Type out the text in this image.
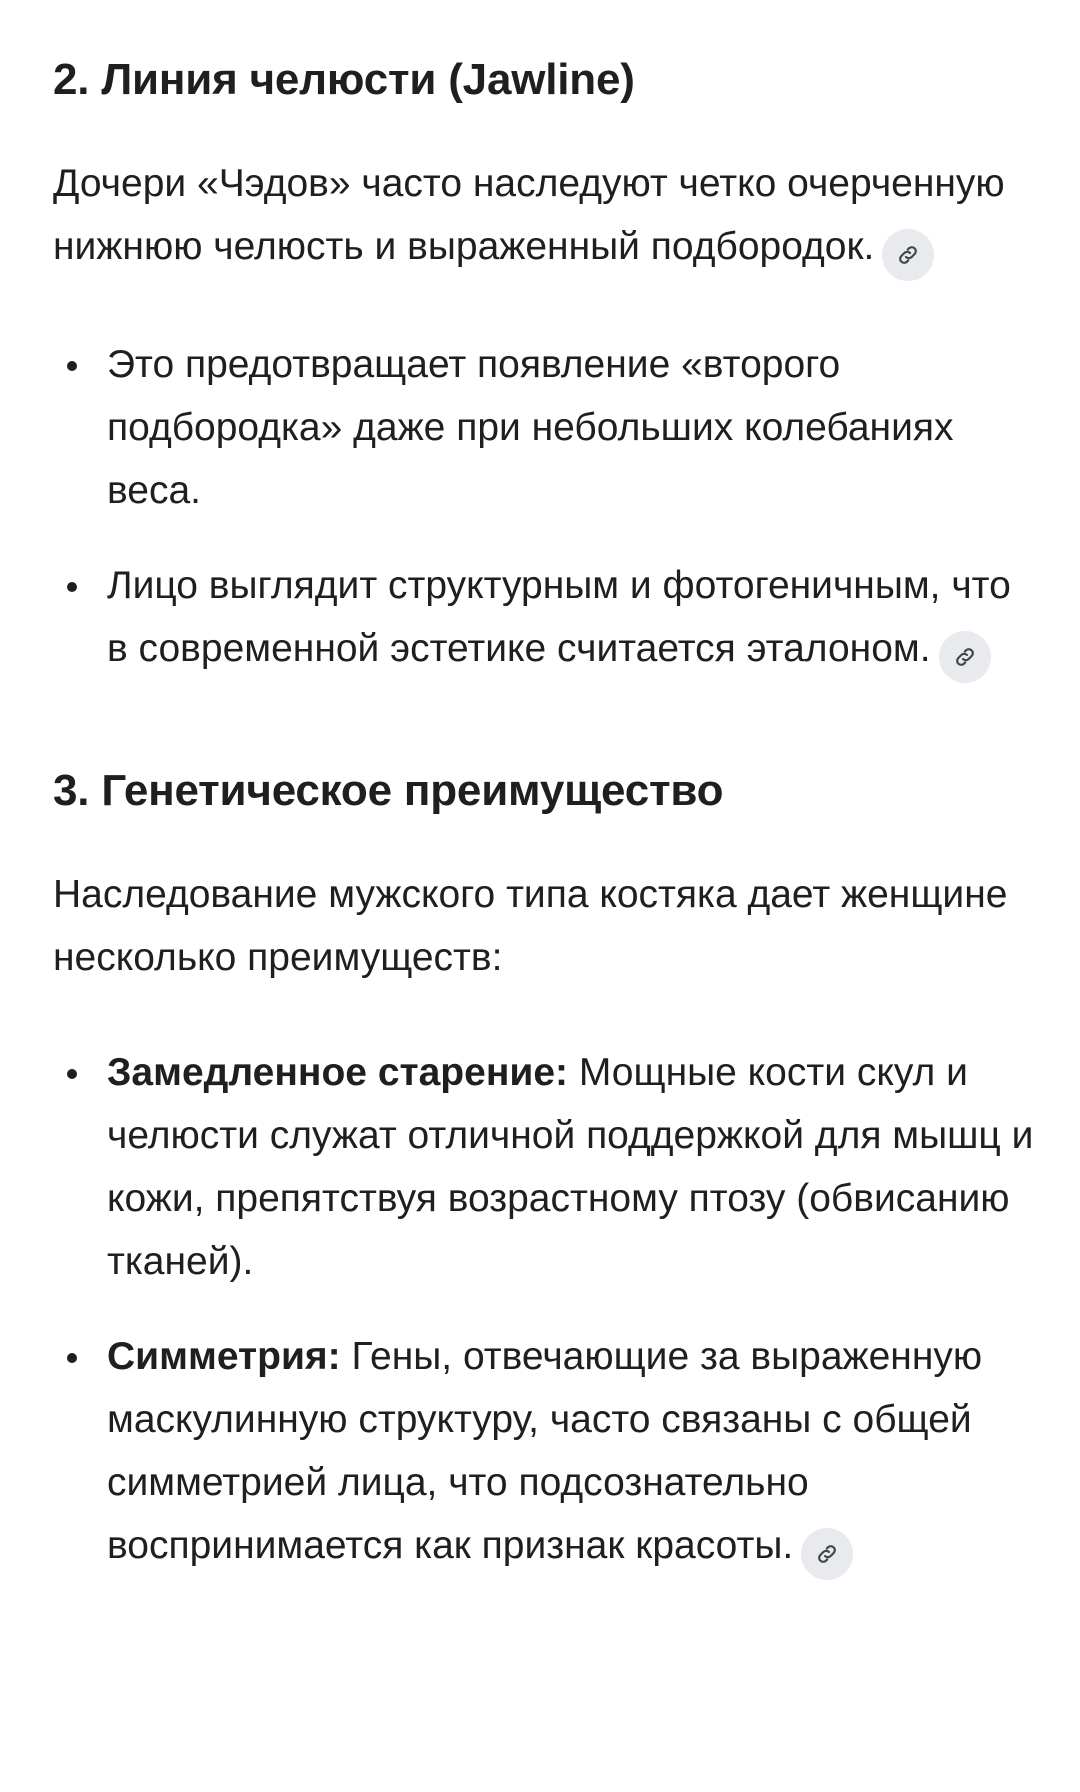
2. Линия челюсти (Jawline)

Дочери «Чэдов» часто наследуют четко очерченную нижнюю челюсть и выраженный подбородок.

Это предотвращает появление «второго подбородка» даже при небольших колебаниях веса.
Лицо выглядит структурным и фотогеничным, что в современной эстетике считается эталоном.
3. Генетическое преимущество

Наследование мужского типа костяка дает женщине несколько преимуществ:

Замедленное старение: Мощные кости скул и челюсти служат отличной поддержкой для мышц и кожи, препятствуя возрастному птозу (обвисанию тканей).
Симметрия: Гены, отвечающие за выраженную маскулинную структуру, часто связаны с общей симметрией лица, что подсознательно воспринимается как признак красоты.
